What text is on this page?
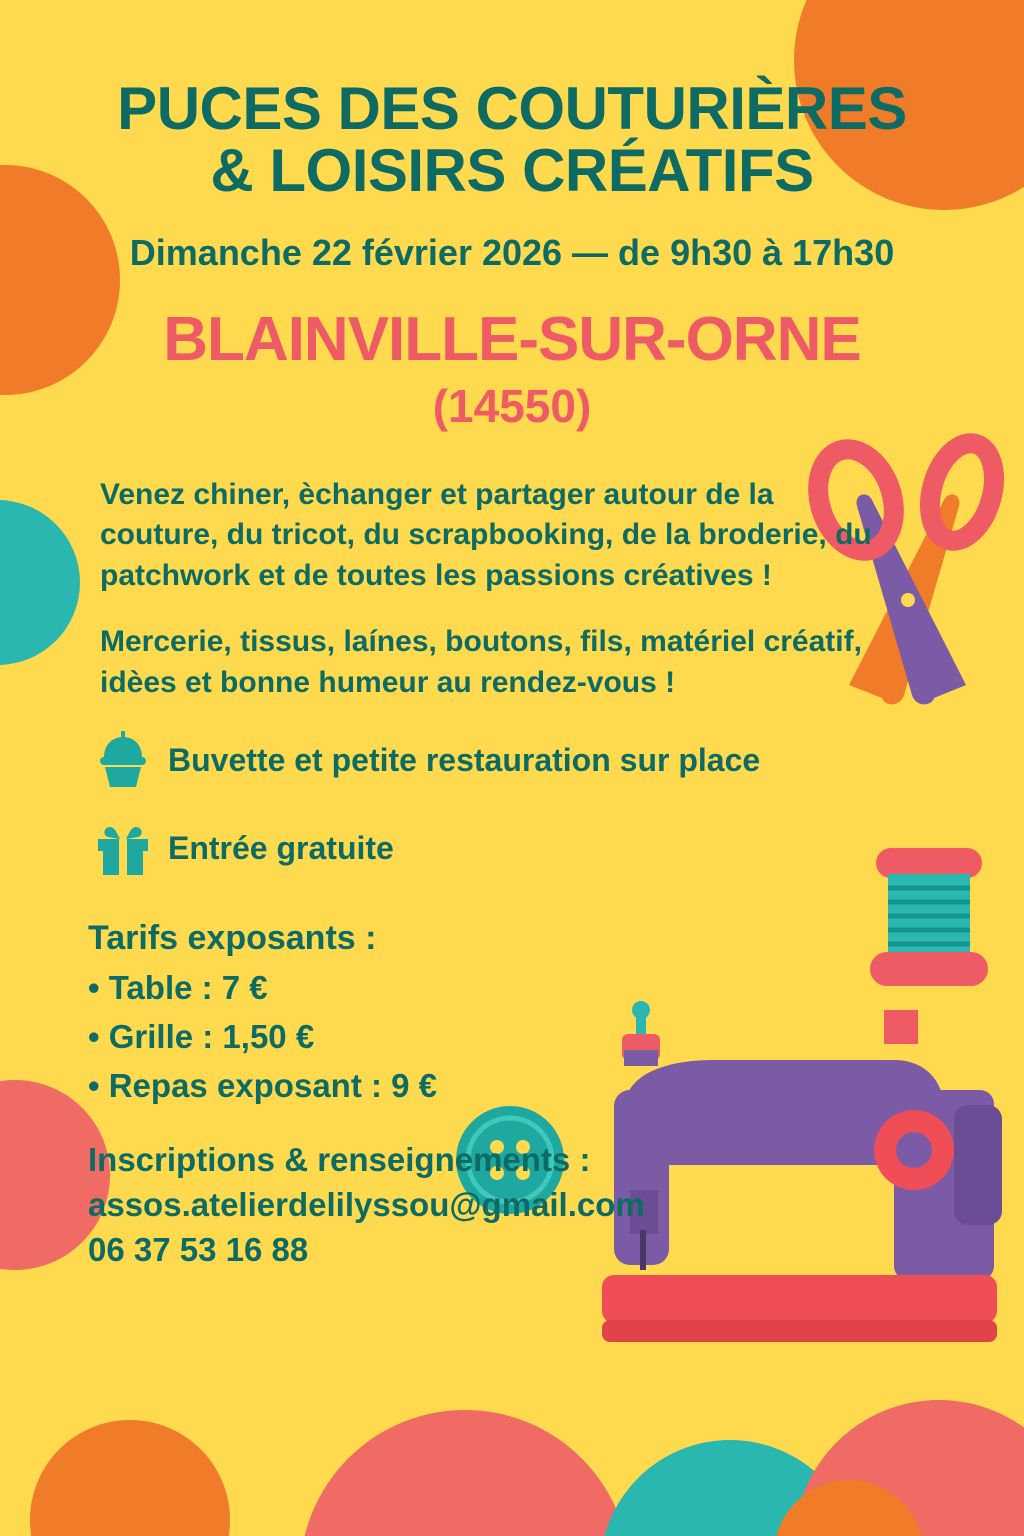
PUCES DES COUTURIÈRES
& LOISIRS CRÉATIFS
Dimanche 22 février 2026 — de 9h30 à 17h30
BLAINVILLE-SUR-ORNE
(14550)

Venez chiner, èchanger et partager autour de la couture, du tricot, du scrapbooking, de la broderie, du patchwork et de toutes les passions créatives !

Mercerie, tissus, laínes, boutons, fils, matériel créatif, idèes et bonne humeur au rendez-vous !

Buvette et petite restauration sur place
Entrée gratuite
Tarifs exposants :
• Table : 7 €
• Grille : 1,50 €
• Repas exposant : 9 €
Inscriptions & renseignements :
assos.atelierdelilyssou@gmail.com
06 37 53 16 88
